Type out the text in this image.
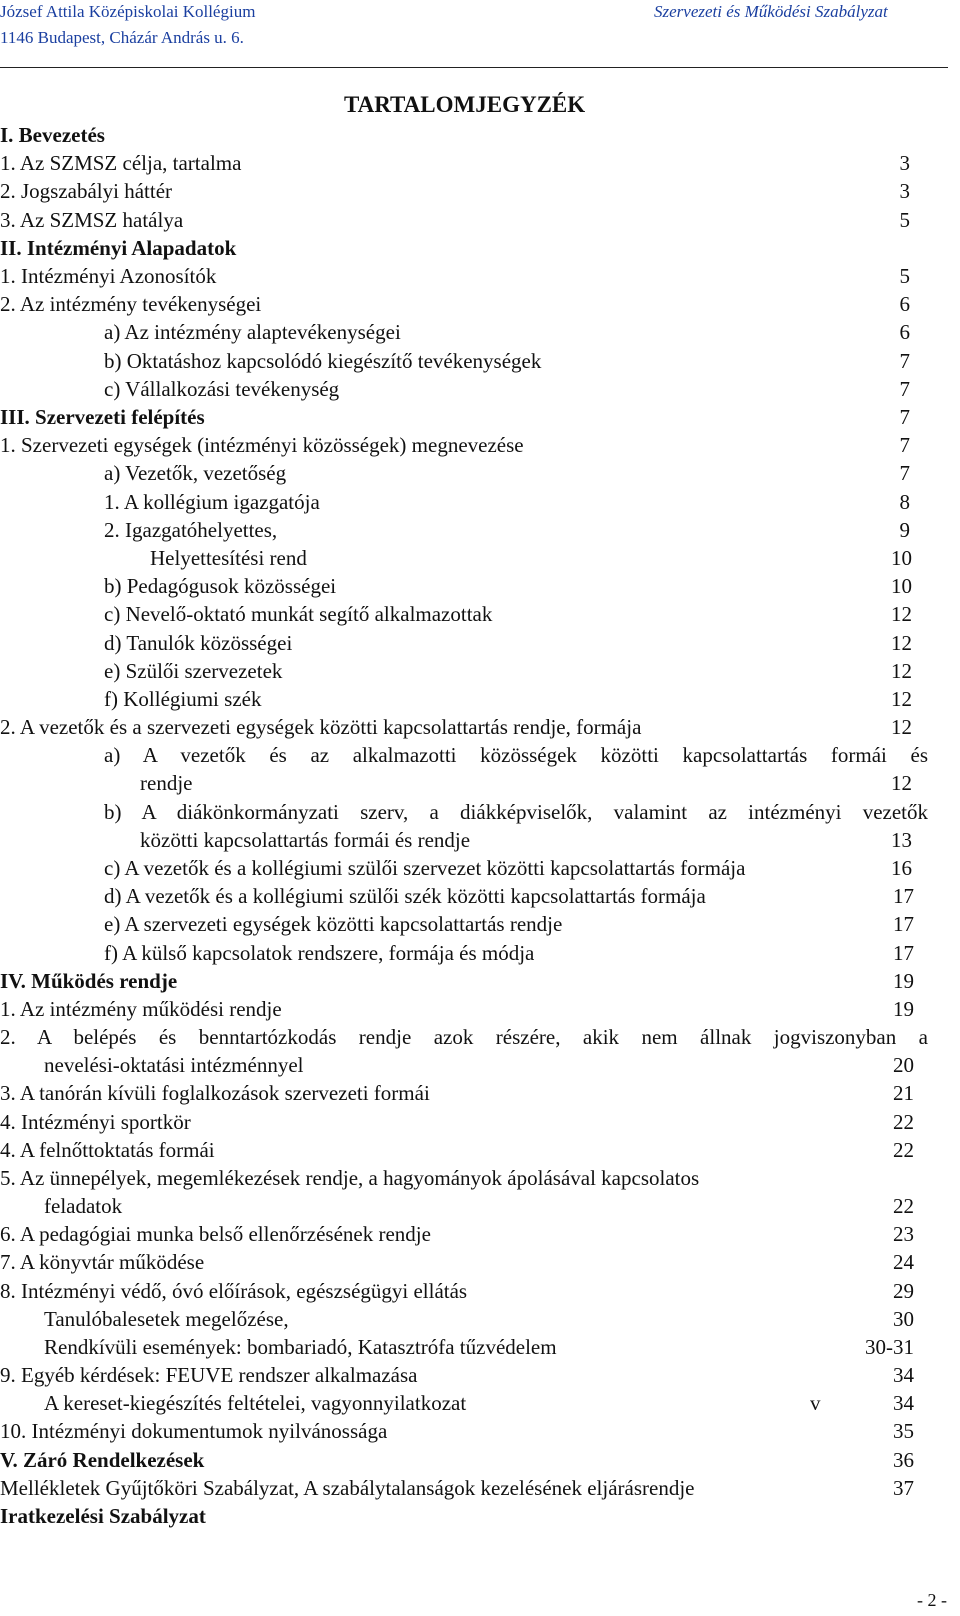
József Attila Középiskolai Kollégium
1146 Budapest, Cházár András u. 6.
Szervezeti és Működési Szabályzat
TARTALOMJEGYZÉK
I. Bevezetés
1. Az SZMSZ célja, tartalma	3
2. Jogszabályi háttér	3
3. Az SZMSZ hatálya	5
II. Intézményi Alapadatok
1. Intézményi Azonosítók	5
2. Az intézmény tevékenységei	6
a) Az intézmény alaptevékenységei	6
b) Oktatáshoz kapcsolódó kiegészítő tevékenységek	7
c) Vállalkozási tevékenység	7
III. Szervezeti felépítés	7
1. Szervezeti egységek (intézményi közösségek) megnevezése	7
a) Vezetők, vezetőség	7
1. A kollégium igazgatója	8
2. Igazgatóhelyettes,	9
Helyettesítési rend	10
b) Pedagógusok közösségei	10
c) Nevelő-oktató munkát segítő alkalmazottak	12
d) Tanulók közösségei	12
e) Szülői szervezetek	12
f) Kollégiumi szék	12
2. A vezetők és a szervezeti egységek közötti kapcsolattartás rendje, formája	12
a) A vezetők és az alkalmazotti közösségek közötti kapcsolattartás formái és
rendje	12
b) A diákönkormányzati szerv, a diákképviselők, valamint az intézményi vezetők
közötti kapcsolattartás formái és rendje	13
c) A vezetők és a kollégiumi szülői szervezet közötti kapcsolattartás formája	16
d) A vezetők és a kollégiumi szülői szék közötti kapcsolattartás formája	17
e) A szervezeti egységek közötti kapcsolattartás rendje	17
f) A külső kapcsolatok rendszere, formája és módja	17
IV. Működés rendje	19
1. Az intézmény működési rendje	19
2. A belépés és benntartózkodás rendje azok részére, akik nem állnak jogviszonyban a
nevelési-oktatási intézménnyel	20
3. A tanórán kívüli foglalkozások szervezeti formái	21
4. Intézményi sportkör	22
4. A felnőttoktatás formái	22
5. Az ünnepélyek, megemlékezések rendje, a hagyományok ápolásával kapcsolatos
feladatok	22
6. A pedagógiai munka belső ellenőrzésének rendje	23
7. A könyvtár működése	24
8. Intézményi védő, óvó előírások, egészségügyi ellátás	29
Tanulóbalesetek megelőzése,	30
Rendkívüli események: bombariadó, Katasztrófa tűzvédelem	30-31
9. Egyéb kérdések: FEUVE rendszer alkalmazása	34
A kereset-kiegészítés feltételei, vagyonnyilatkozat	v	34
10. Intézményi dokumentumok nyilvánossága	35
V. Záró Rendelkezések	36
Mellékletek Gyűjtőköri Szabályzat, A szabálytalanságok kezelésének eljárásrendje	37
Iratkezelési Szabályzat
- 2 -
